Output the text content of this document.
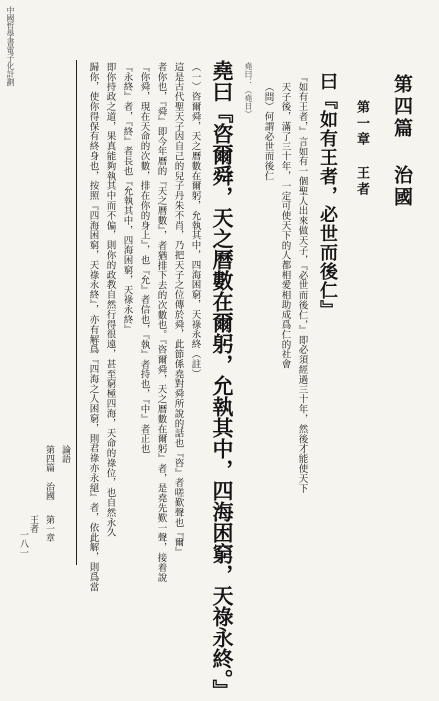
中國哲學書電子化計劃

第四篇 治國

第一章 王者

曰『如有王者，必世而後仁』

『如有王者，』言如有一個聖人出來做天子，『必世而後仁，』即必須經過三十年，然後才能使天下

天子後，滿了三十年，一定可使天下的人都相愛相助成爲仁的社會

（問）何謂必世而後仁

堯曰：（堯日）

堯曰『咨爾舜，天之曆數在爾躬，允執其中，四海困窮，天祿永終。』

（一）咨爾舜，天之曆數在爾躬，允執其中，四海困窮，天祿永終（註）

這是古代聖天子因自己的兒子丹朱不肖，乃把天子之位傳於舜，此節係堯對舜所說的話也『咨』者嗟歎聲也『爾』

者你也，『舜』即今年曆的『天之曆數』，者猶排下去的次數也。『咨爾舜，天之曆數在爾躬』者，是堯先歎一聲，接着說

『你舜，現在天命的次數，排在你的身上』，也『允』者信也，『執』者持也，『中』者正也

『永終』者，『終』者長也『允執其中，四海困窮，天祿永終』

即你持政之道，果真能夠執其中而不偏，則你的政教自然行得很遠，甚至窮極四海，天命的祿位，也自然永久

歸你，使你得保有終身也，按照『四海困窮，天祿永終』，亦有解爲『四海之人困窮，則君祿亦永絕』者，依此解，則爲當

論語

第四篇

治國

第一章

王者

一八一
